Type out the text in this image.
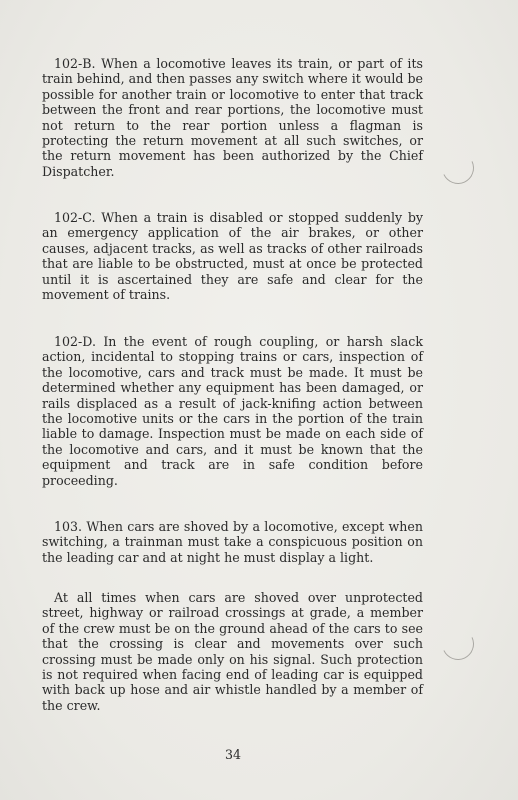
102-B. When a locomotive leaves its train, or part of its train behind, and then passes any switch where it would be possible for another train or locomotive to enter that track between the front and rear portions, the locomotive must not return to the rear portion unless a flagman is protecting the return movement at all such switches, or the return movement has been authorized by the Chief Dispatcher.

102-C. When a train is disabled or stopped suddenly by an emergency application of the air brakes, or other causes, adjacent tracks, as well as tracks of other railroads that are liable to be obstructed, must at once be protected until it is ascertained they are safe and clear for the movement of trains.

102-D. In the event of rough coupling, or harsh slack action, incidental to stopping trains or cars, inspection of the locomotive, cars and track must be made. It must be determined whether any equipment has been damaged, or rails displaced as a result of jack-knifing action between the locomotive units or the cars in the portion of the train liable to damage. Inspection must be made on each side of the locomotive and cars, and it must be known that the equipment and track are in safe condition before proceeding.

103. When cars are shoved by a locomotive, except when switching, a trainman must take a conspicuous position on the leading car and at night he must display a light.

At all times when cars are shoved over unprotected street, highway or railroad crossings at grade, a member of the crew must be on the ground ahead of the cars to see that the crossing is clear and movements over such crossing must be made only on his signal. Such protection is not required when facing end of leading car is equipped with back up hose and air whistle handled by a member of the crew.

34
